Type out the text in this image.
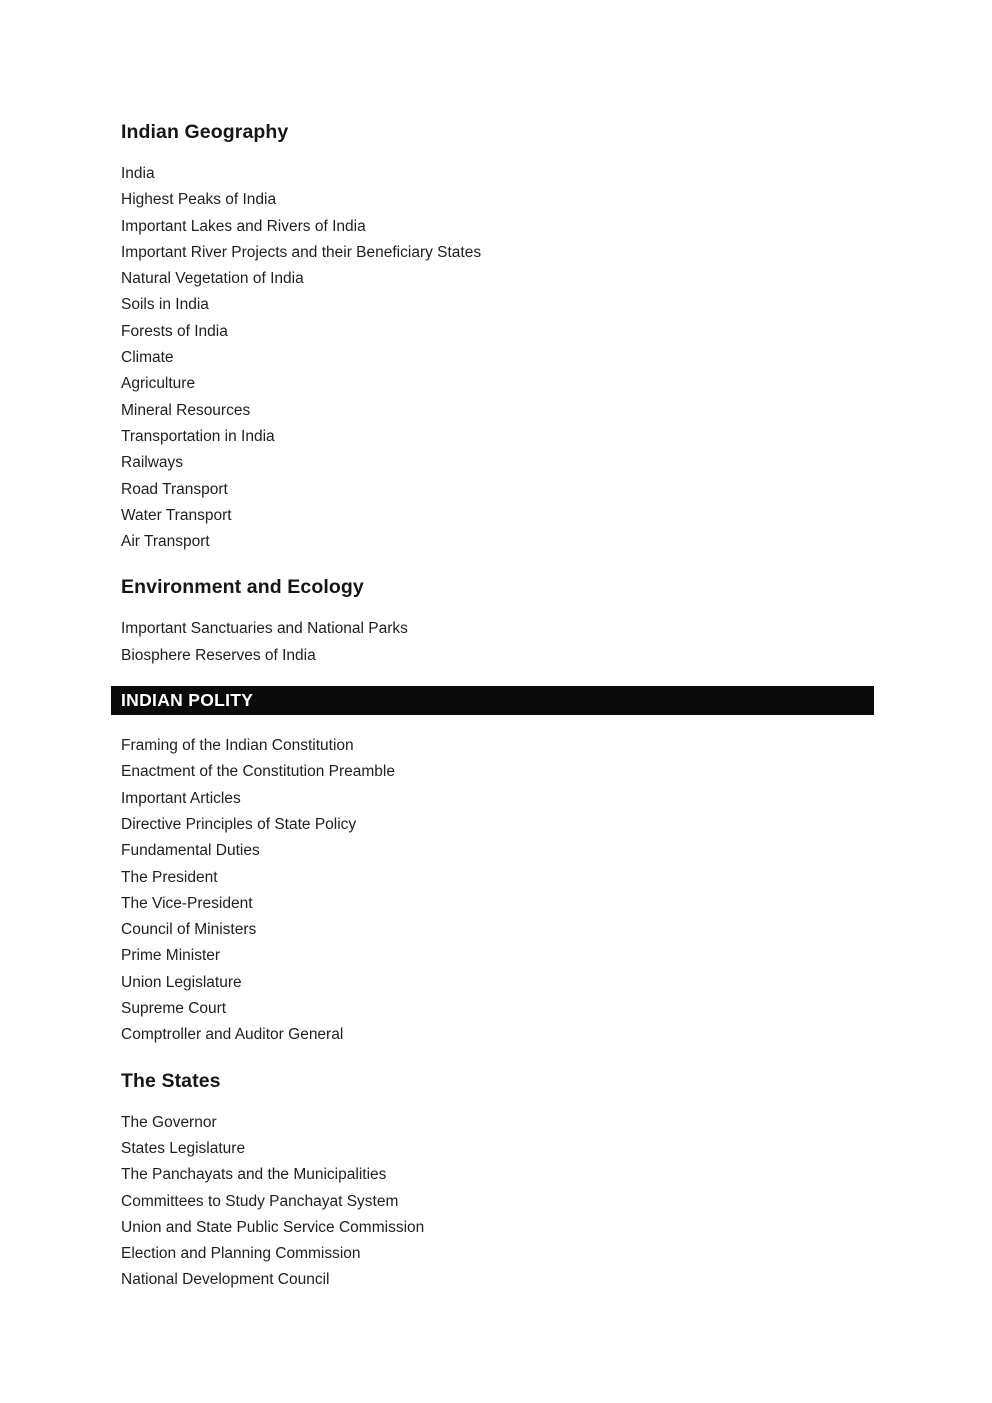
Indian Geography
India
Highest Peaks of India
Important Lakes and Rivers of India
Important River Projects and their Beneficiary States
Natural Vegetation of India
Soils in India
Forests of India
Climate
Agriculture
Mineral Resources
Transportation in India
Railways
Road Transport
Water Transport
Air Transport
Environment and Ecology
Important Sanctuaries and National Parks
Biosphere Reserves of India
INDIAN POLITY
Framing of the Indian Constitution
Enactment of the Constitution Preamble
Important Articles
Directive Principles of State Policy
Fundamental Duties
The President
The Vice-President
Council of Ministers
Prime Minister
Union Legislature
Supreme Court
Comptroller and Auditor General
The States
The Governor
States Legislature
The Panchayats and the Municipalities
Committees to Study Panchayat System
Union and State Public Service Commission
Election and Planning Commission
National Development Council
